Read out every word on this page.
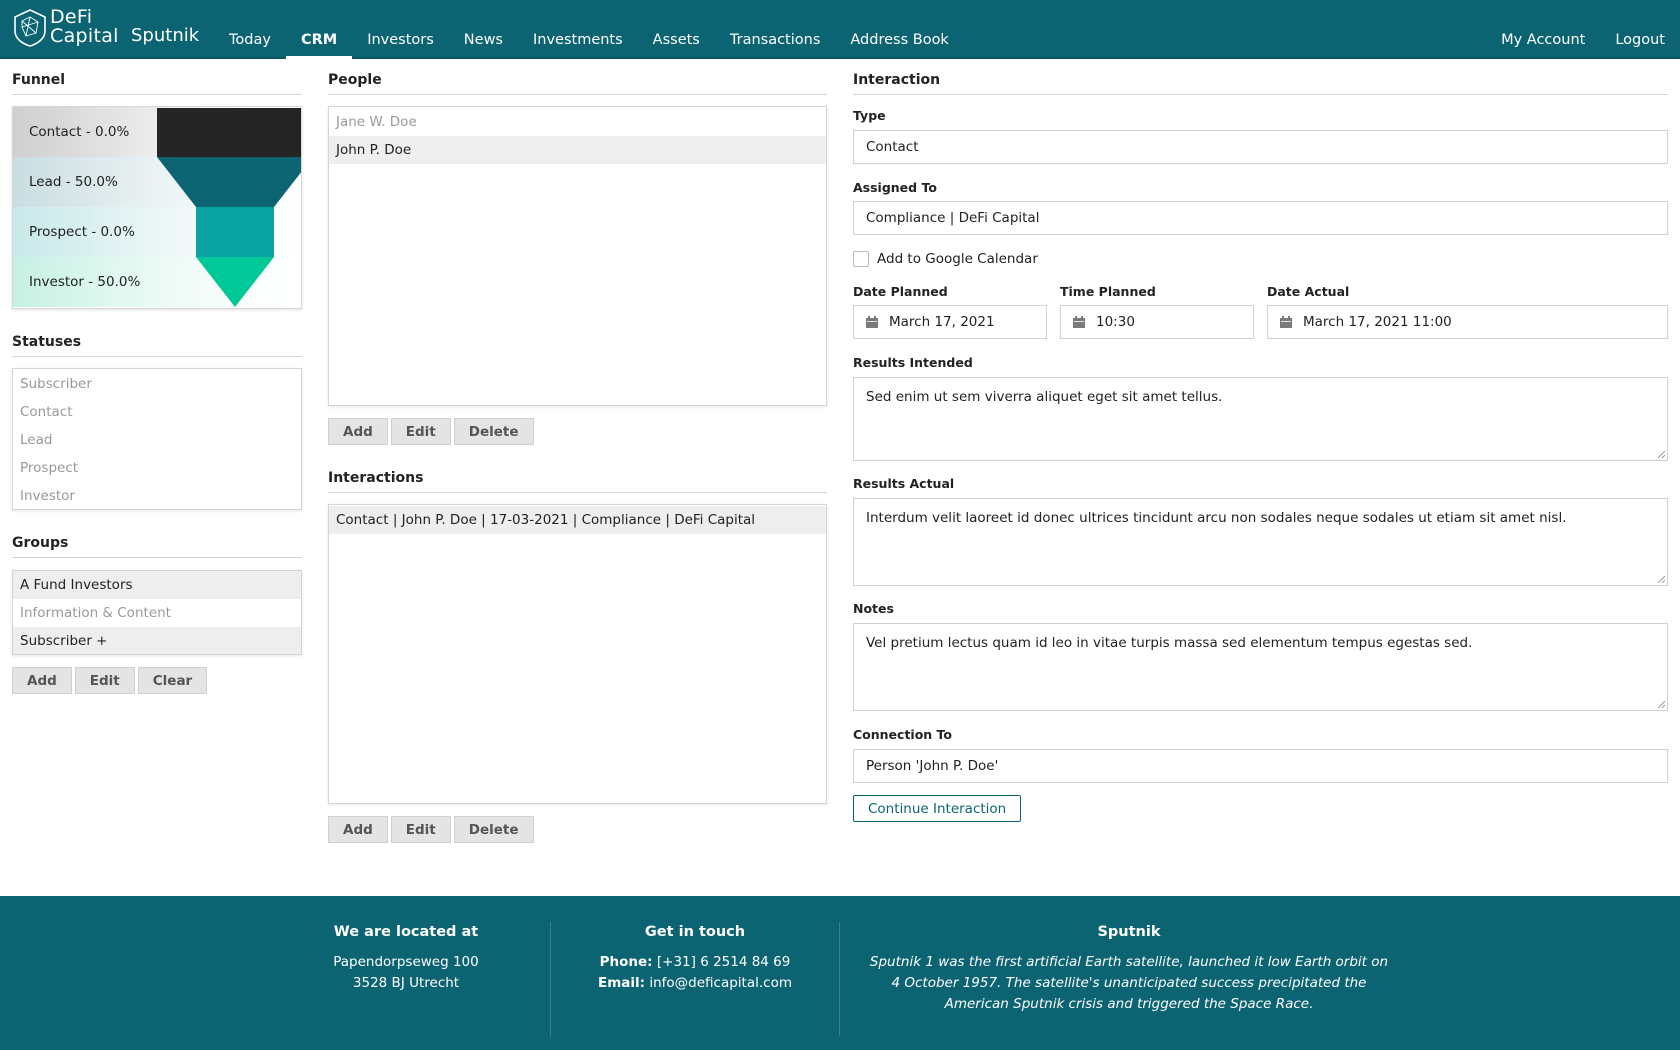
DeFi
Capital Sputnik	Today	CRM	Investors	News	Investments	Assets	Transactions	Address Book	My Account	Logout
Funnel
Contact - 0.0%
Lead - 50.0%
Prospect - 0.0%
Investor - 50.0%
Statuses
Subscriber
Contact
Lead
Prospect
Investor
Groups
A Fund Investors
Information & Content
Subscriber +
Add	Edit	Clear
People
Jane W. Doe
John P. Doe
Add	Edit	Delete
Interactions
Contact | John P. Doe | 17-03-2021 | Compliance | DeFi Capital
Add	Edit	Delete
Interaction
Type
Contact
Assigned To
Compliance | DeFi Capital
Add to Google Calendar
Date Planned
March 17, 2021
Time Planned
10:30
Date Actual
March 17, 2021 11:00
Results Intended
Sed enim ut sem viverra aliquet eget sit amet tellus.
Results Actual
Interdum velit laoreet id donec ultrices tincidunt arcu non sodales neque sodales ut etiam sit amet nisl.
Notes
Vel pretium lectus quam id leo in vitae turpis massa sed elementum tempus egestas sed.
Connection To
Person 'John P. Doe'
Continue Interaction
We are located at
Papendorpseweg 100
3528 BJ Utrecht
Get in touch
Phone: [+31] 6 2514 84 69
Email: info@deficapital.com
Sputnik
Sputnik 1 was the first artificial Earth satellite, launched it low Earth orbit on 4 October 1957. The satellite's unanticipated success precipitated the American Sputnik crisis and triggered the Space Race.
